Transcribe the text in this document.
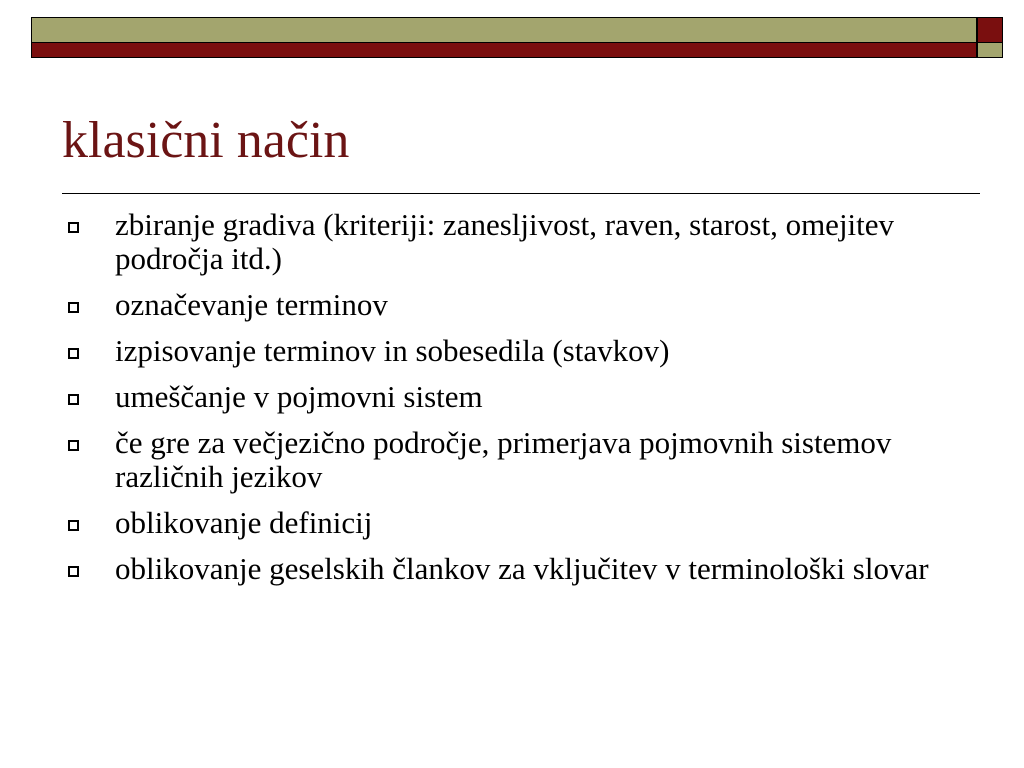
klasični način
zbiranje gradiva (kriteriji: zanesljivost, raven, starost, omejitev področja itd.)
označevanje terminov
izpisovanje terminov in sobesedila (stavkov)
umeščanje v pojmovni sistem
če gre za večjezično področje, primerjava pojmovnih sistemov različnih jezikov
oblikovanje definicij
oblikovanje geselskih člankov za vključitev v terminološki slovar
